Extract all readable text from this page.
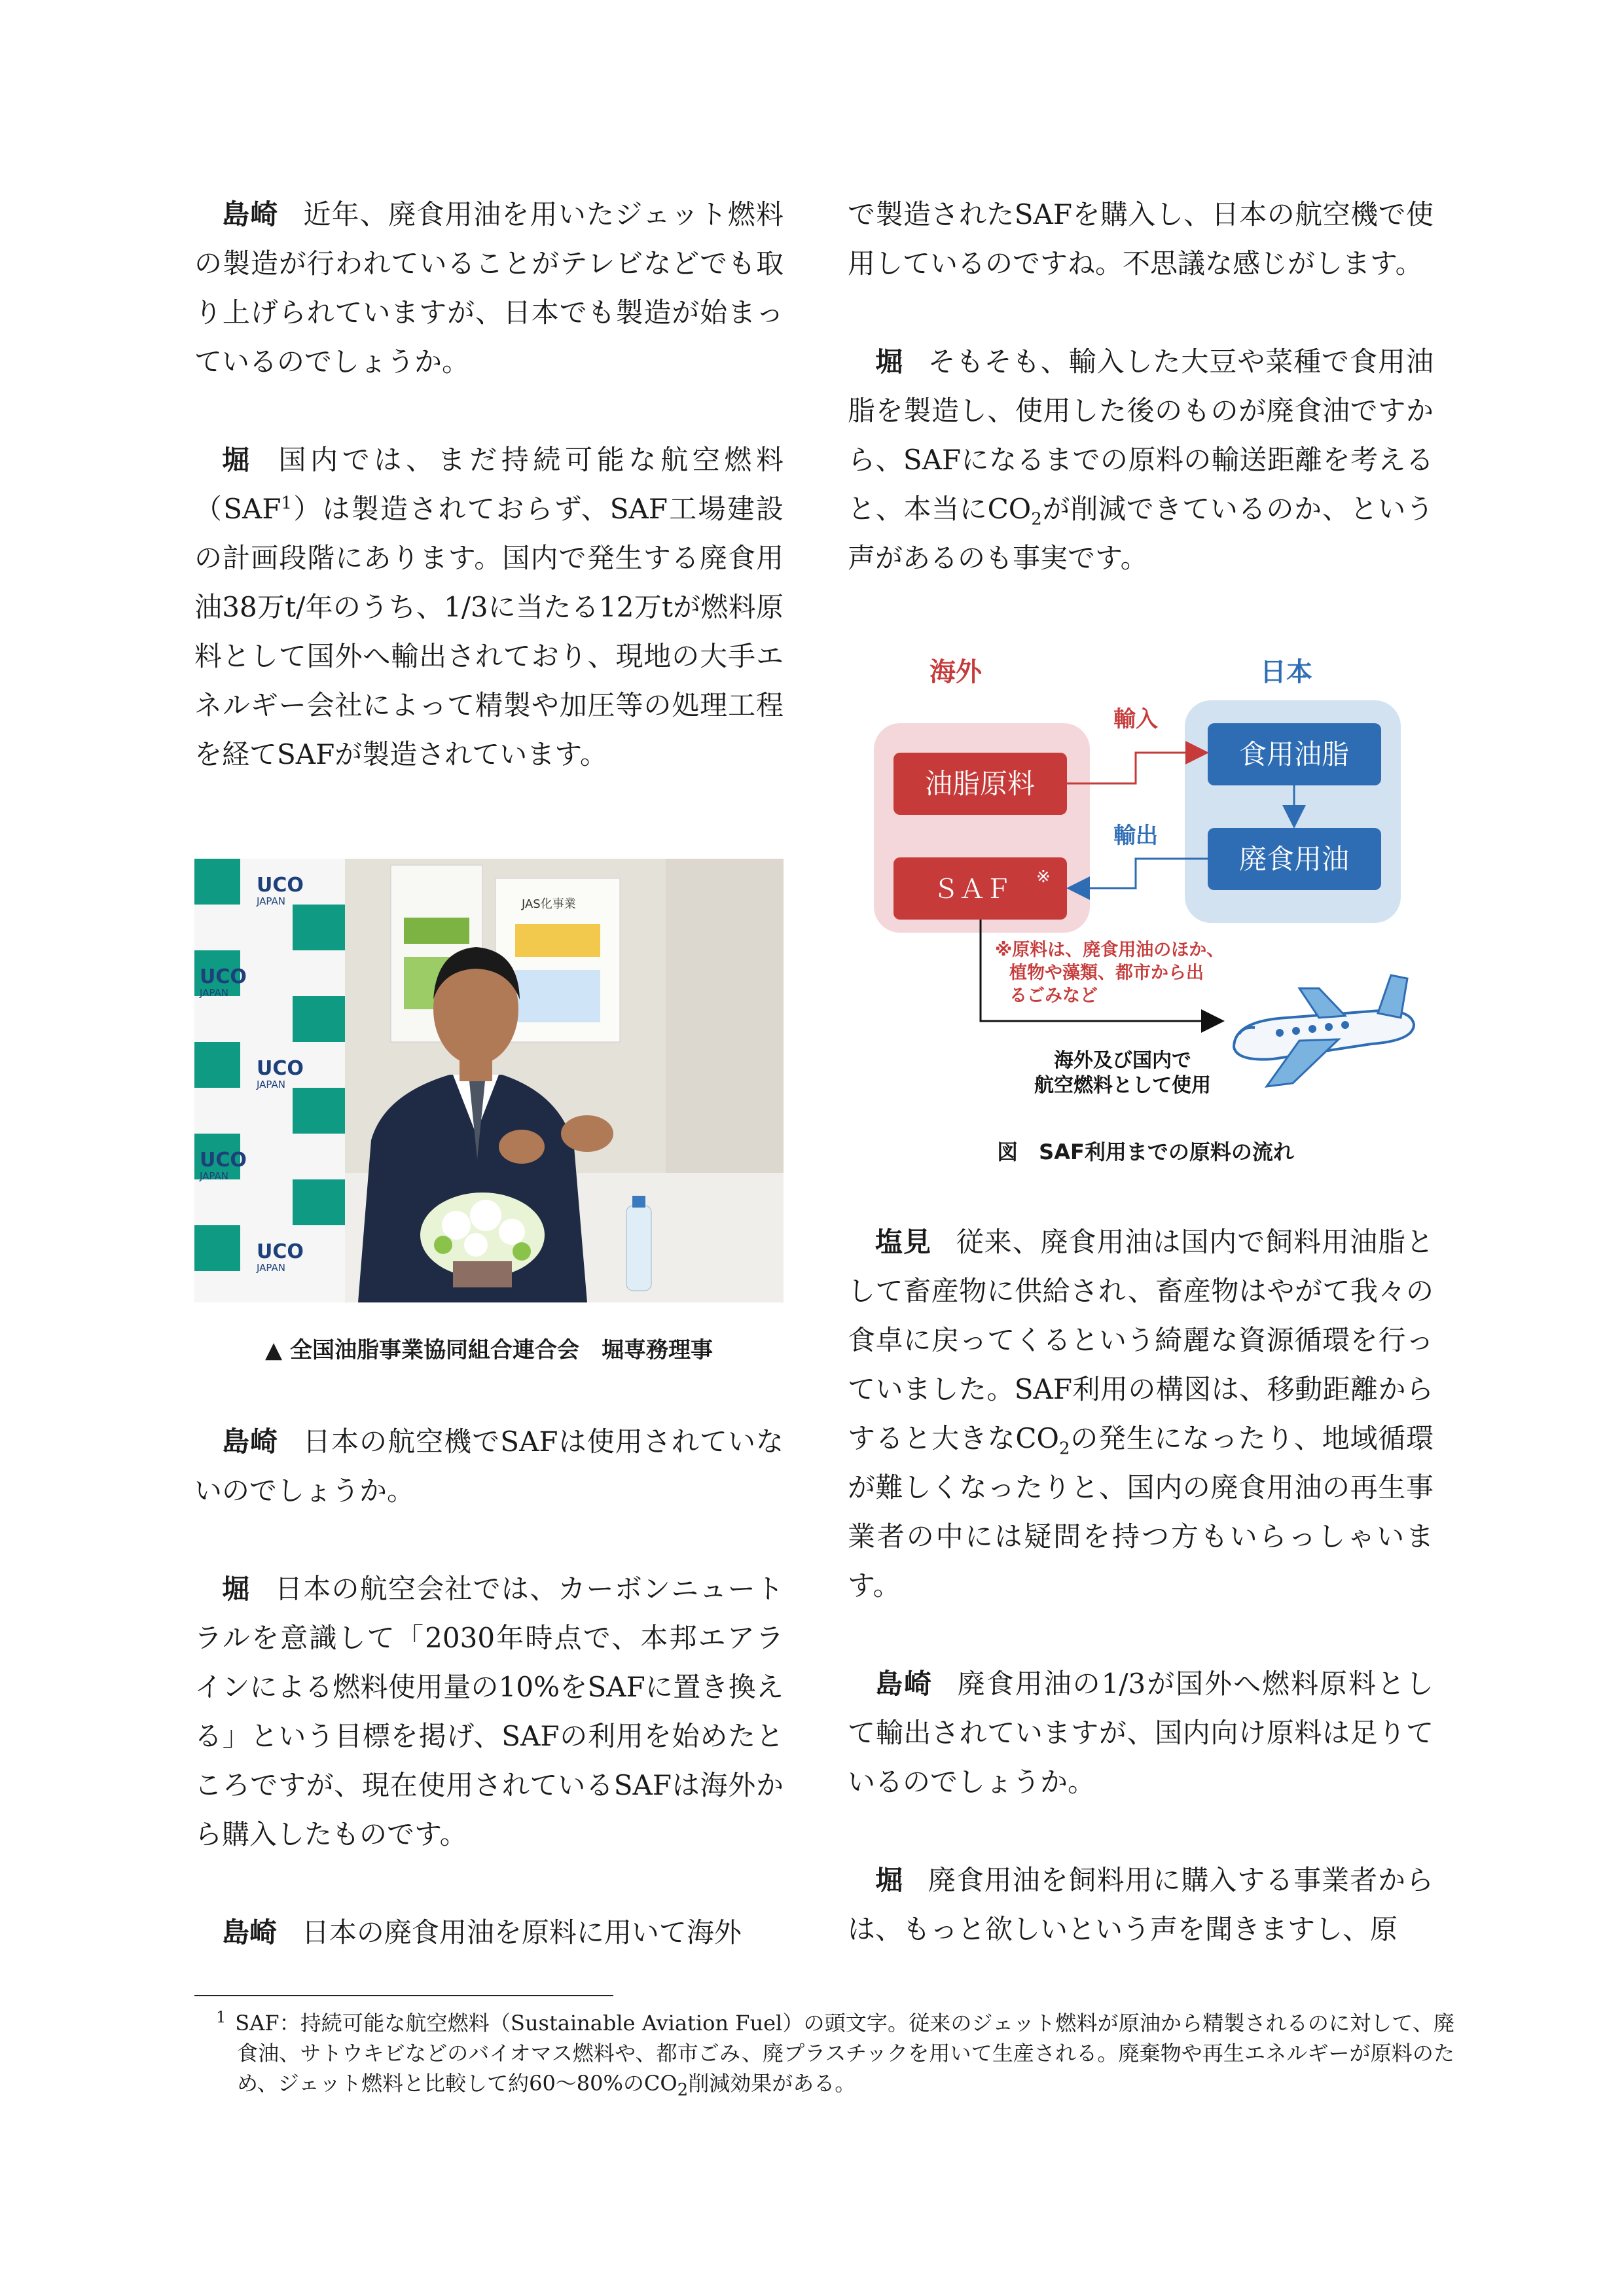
島崎 近年、廃食用油を用いたジェット燃料の製造が行われていることがテレビなどでも取り上げられていますが、日本でも製造が始まっているのでしょうか。

堀 国内では、まだ持続可能な航空燃料（SAF$^1$）は製造されておらず、SAF工場建設の計画段階にあります。国内で発生する廃食用油38万t/年のうち、1/3に当たる12万tが燃料原料として国外へ輸出されており、現地の大手エネルギー会社によって精製や加圧等の処理工程を経てSAFが製造されています。

UCO
UCO
UCO
UCO
UCO
JAPAN
JAPAN
JAPAN
JAPAN
JAPAN
JAS化事業
▲ 全国油脂事業協同組合連合会　堀専務理事

島崎 日本の航空機でSAFは使用されていないのでしょうか。

堀 日本の航空会社では、カーボンニュートラルを意識して「2030年時点で、本邦エアラインによる燃料使用量の10%をSAFに置き換える」という目標を掲げ、SAFの利用を始めたところですが、現在使用されているSAFは海外から購入したものです。

島崎 日本の廃食用油を原料に用いて海外

で製造されたSAFを購入し、日本の航空機で使用しているのですね。不思議な感じがします。

堀 そもそも、輸入した大豆や菜種で食用油脂を製造し、使用した後のものが廃食油ですから、SAFになるまでの原料の輸送距離を考えると、本当に$CO_2$が削減できているのか、という声があるのも事実です。

海外	日本
油脂原料
食用油脂
廃食用油
ＳＡＦ ※
輸入
輸出
※原料は、廃食用油のほか、
植物や藻類、都市から出
るごみなど
海外及び国内で
航空燃料として使用
図　SAF利用までの原料の流れ

塩見 従来、廃食用油は国内で飼料用油脂として畜産物に供給され、畜産物はやがて我々の食卓に戻ってくるという綺麗な資源循環を行っていました。SAF利用の構図は、移動距離からすると大きな$CO_2$の発生になったり、地域循環が難しくなったりと、国内の廃食用油の再生事業者の中には疑問を持つ方もいらっしゃいます。

島崎 廃食用油の1/3が国外へ燃料原料として輸出されていますが、国内向け原料は足りているのでしょうか。

堀 廃食用油を飼料用に購入する事業者からは、もっと欲しいという声を聞きますし、原

$^1$ SAF：持続可能な航空燃料（Sustainable Aviation Fuel）の頭文字。従来のジェット燃料が原油から精製されるのに対して、廃食油、サトウキビなどのバイオマス燃料や、都市ごみ、廃プラスチックを用いて生産される。廃棄物や再生エネルギーが原料のため、ジェット燃料と比較して約60～80%の$CO_2$削減効果がある。
